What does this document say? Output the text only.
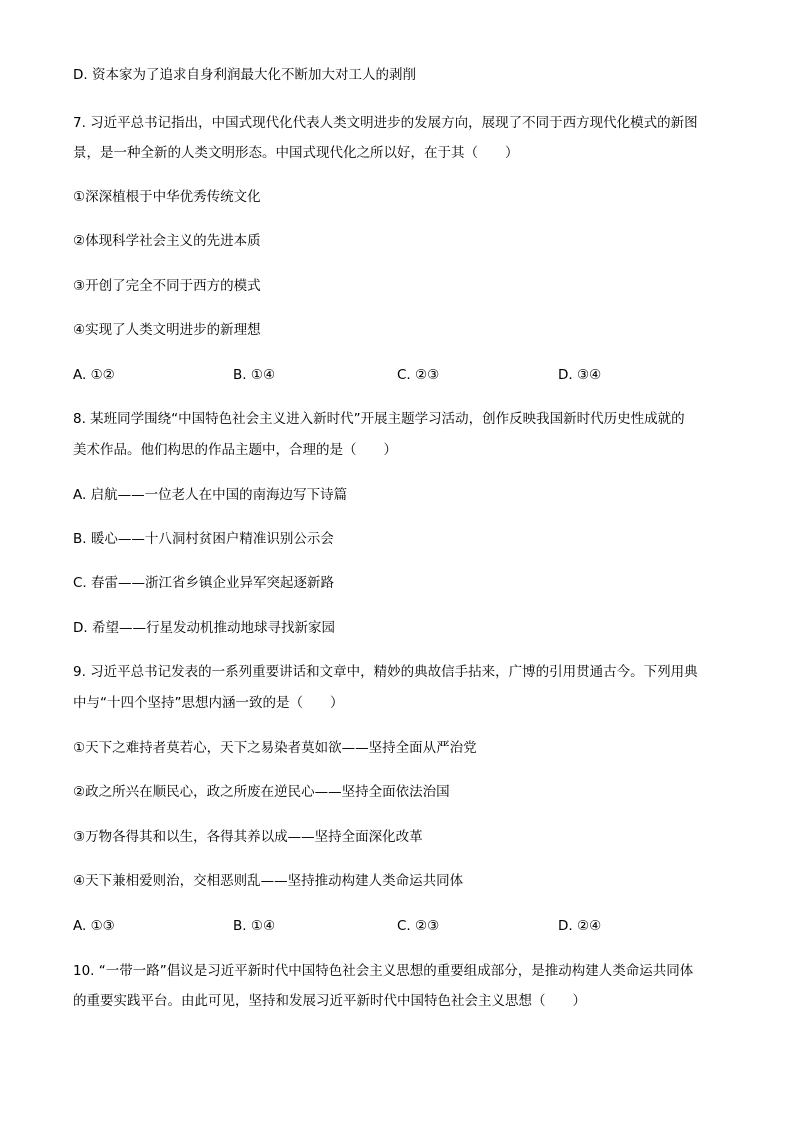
D. 资本家为了追求自身利润最大化不断加大对工人的剥削
7. 习近平总书记指出，中国式现代化代表人类文明进步的发展方向，展现了不同于西方现代化模式的新图
景，是一种全新的人类文明形态。中国式现代化之所以好，在于其（　　）
①深深植根于中华优秀传统文化
②体现科学社会主义的先进本质
③开创了完全不同于西方的模式
④实现了人类文明进步的新理想
A. ①②	B. ①④	C. ②③	D. ③④
8. 某班同学围绕“中国特色社会主义进入新时代”开展主题学习活动，创作反映我国新时代历史性成就的
美术作品。他们构思的作品主题中，合理的是（　　）
A. 启航——一位老人在中国的南海边写下诗篇
B. 暖心——十八洞村贫困户精准识别公示会
C. 春雷——浙江省乡镇企业异军突起逐新路
D. 希望——行星发动机推动地球寻找新家园
9. 习近平总书记发表的一系列重要讲话和文章中，精妙的典故信手拈来，广博的引用贯通古今。下列用典
中与“十四个坚持”思想内涵一致的是（　　）
①天下之难持者莫若心，天下之易染者莫如欲——坚持全面从严治党
②政之所兴在顺民心，政之所废在逆民心——坚持全面依法治国
③万物各得其和以生，各得其养以成——坚持全面深化改革
④天下兼相爱则治，交相恶则乱——坚持推动构建人类命运共同体
A. ①③	B. ①④	C. ②③	D. ②④
10. “一带一路”倡议是习近平新时代中国特色社会主义思想的重要组成部分，是推动构建人类命运共同体
的重要实践平台。由此可见，坚持和发展习近平新时代中国特色社会主义思想（　　）
